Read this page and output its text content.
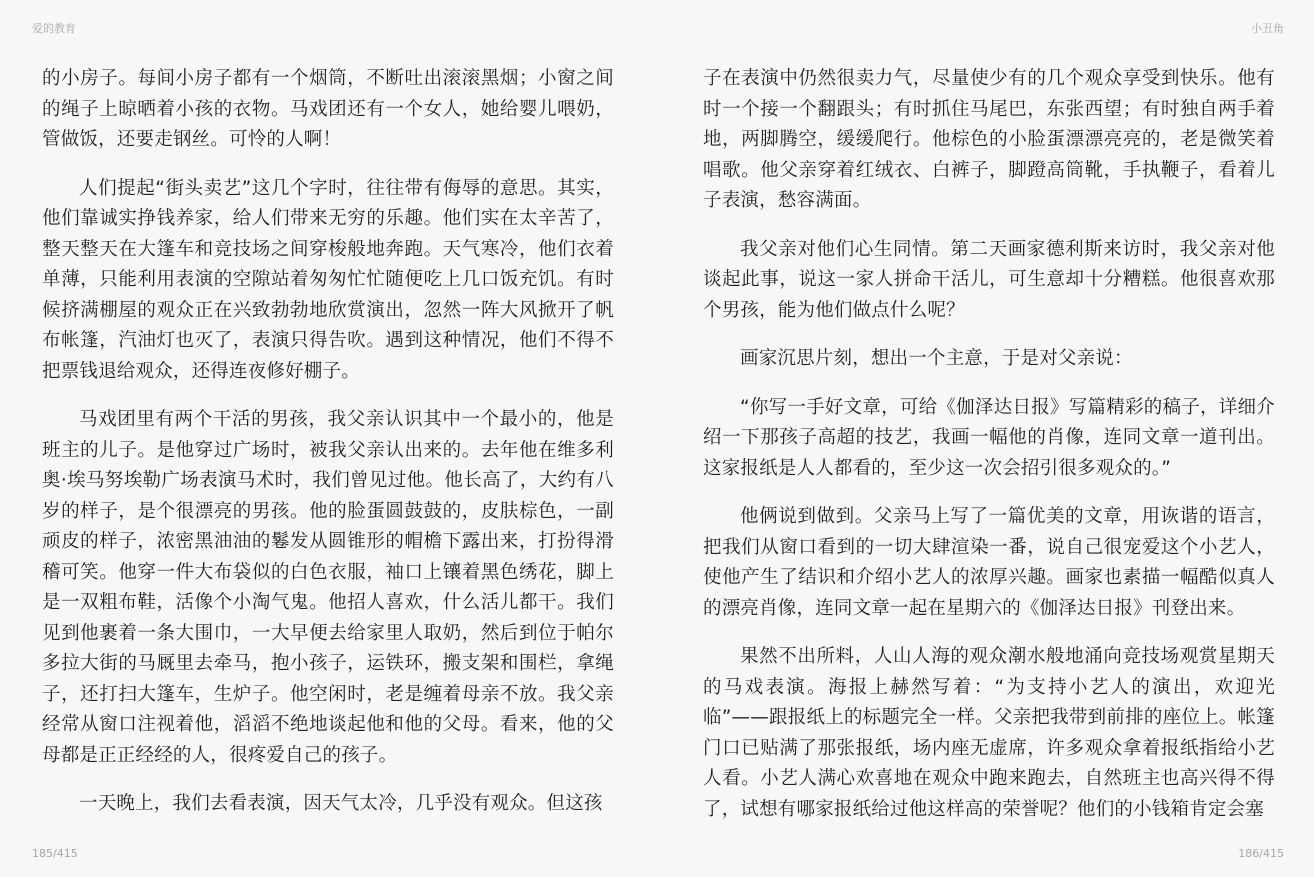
爱的教育	小丑角

的小房子。每间小房子都有一个烟筒，不断吐出滚滚黑烟；小窗之间的绳子上晾晒着小孩的衣物。马戏团还有一个女人，她给婴儿喂奶，管做饭，还要走钢丝。可怜的人啊！

人们提起“街头卖艺”这几个字时，往往带有侮辱的意思。其实，他们靠诚实挣钱养家，给人们带来无穷的乐趣。他们实在太辛苦了，整天整天在大篷车和竞技场之间穿梭般地奔跑。天气寒冷，他们衣着单薄，只能利用表演的空隙站着匆匆忙忙随便吃上几口饭充饥。有时候挤满棚屋的观众正在兴致勃勃地欣赏演出，忽然一阵大风掀开了帆布帐篷，汽油灯也灭了，表演只得告吹。遇到这种情况，他们不得不把票钱退给观众，还得连夜修好棚子。

马戏团里有两个干活的男孩，我父亲认识其中一个最小的，他是班主的儿子。是他穿过广场时，被我父亲认出来的。去年他在维多利奥·埃马努埃勒广场表演马术时，我们曾见过他。他长高了，大约有八岁的样子，是个很漂亮的男孩。他的脸蛋圆鼓鼓的，皮肤棕色，一副顽皮的样子，浓密黑油油的鬈发从圆锥形的帽檐下露出来，打扮得滑稽可笑。他穿一件大布袋似的白色衣服，袖口上镶着黑色绣花，脚上是一双粗布鞋，活像个小淘气鬼。他招人喜欢，什么活儿都干。我们见到他裹着一条大围巾，一大早便去给家里人取奶，然后到位于帕尔多拉大街的马厩里去牵马，抱小孩子，运铁环，搬支架和围栏，拿绳子，还打扫大篷车，生炉子。他空闲时，老是缠着母亲不放。我父亲经常从窗口注视着他，滔滔不绝地谈起他和他的父母。看来，他的父母都是正正经经的人，很疼爱自己的孩子。

一天晚上，我们去看表演，因天气太冷，几乎没有观众。但这孩

子在表演中仍然很卖力气，尽量使少有的几个观众享受到快乐。他有时一个接一个翻跟头；有时抓住马尾巴，东张西望；有时独自两手着地，两脚腾空，缓缓爬行。他棕色的小脸蛋漂漂亮亮的，老是微笑着唱歌。他父亲穿着红绒衣、白裤子，脚蹬高筒靴，手执鞭子，看着儿子表演，愁容满面。

我父亲对他们心生同情。第二天画家德利斯来访时，我父亲对他谈起此事，说这一家人拼命干活儿，可生意却十分糟糕。他很喜欢那个男孩，能为他们做点什么呢？

画家沉思片刻，想出一个主意，于是对父亲说：

“你写一手好文章，可给《伽泽达日报》写篇精彩的稿子，详细介绍一下那孩子高超的技艺，我画一幅他的肖像，连同文章一道刊出。这家报纸是人人都看的，至少这一次会招引很多观众的。”

他俩说到做到。父亲马上写了一篇优美的文章，用诙谐的语言，把我们从窗口看到的一切大肆渲染一番，说自己很宠爱这个小艺人，使他产生了结识和介绍小艺人的浓厚兴趣。画家也素描一幅酷似真人的漂亮肖像，连同文章一起在星期六的《伽泽达日报》刊登出来。

果然不出所料，人山人海的观众潮水般地涌向竞技场观赏星期天的马戏表演。海报上赫然写着：“为支持小艺人的演出，欢迎光临”——跟报纸上的标题完全一样。父亲把我带到前排的座位上。帐篷门口已贴满了那张报纸，场内座无虚席，许多观众拿着报纸指给小艺人看。小艺人满心欢喜地在观众中跑来跑去，自然班主也高兴得不得了，试想有哪家报纸给过他这样高的荣誉呢？他们的小钱箱肯定会塞

185/415	186/415
